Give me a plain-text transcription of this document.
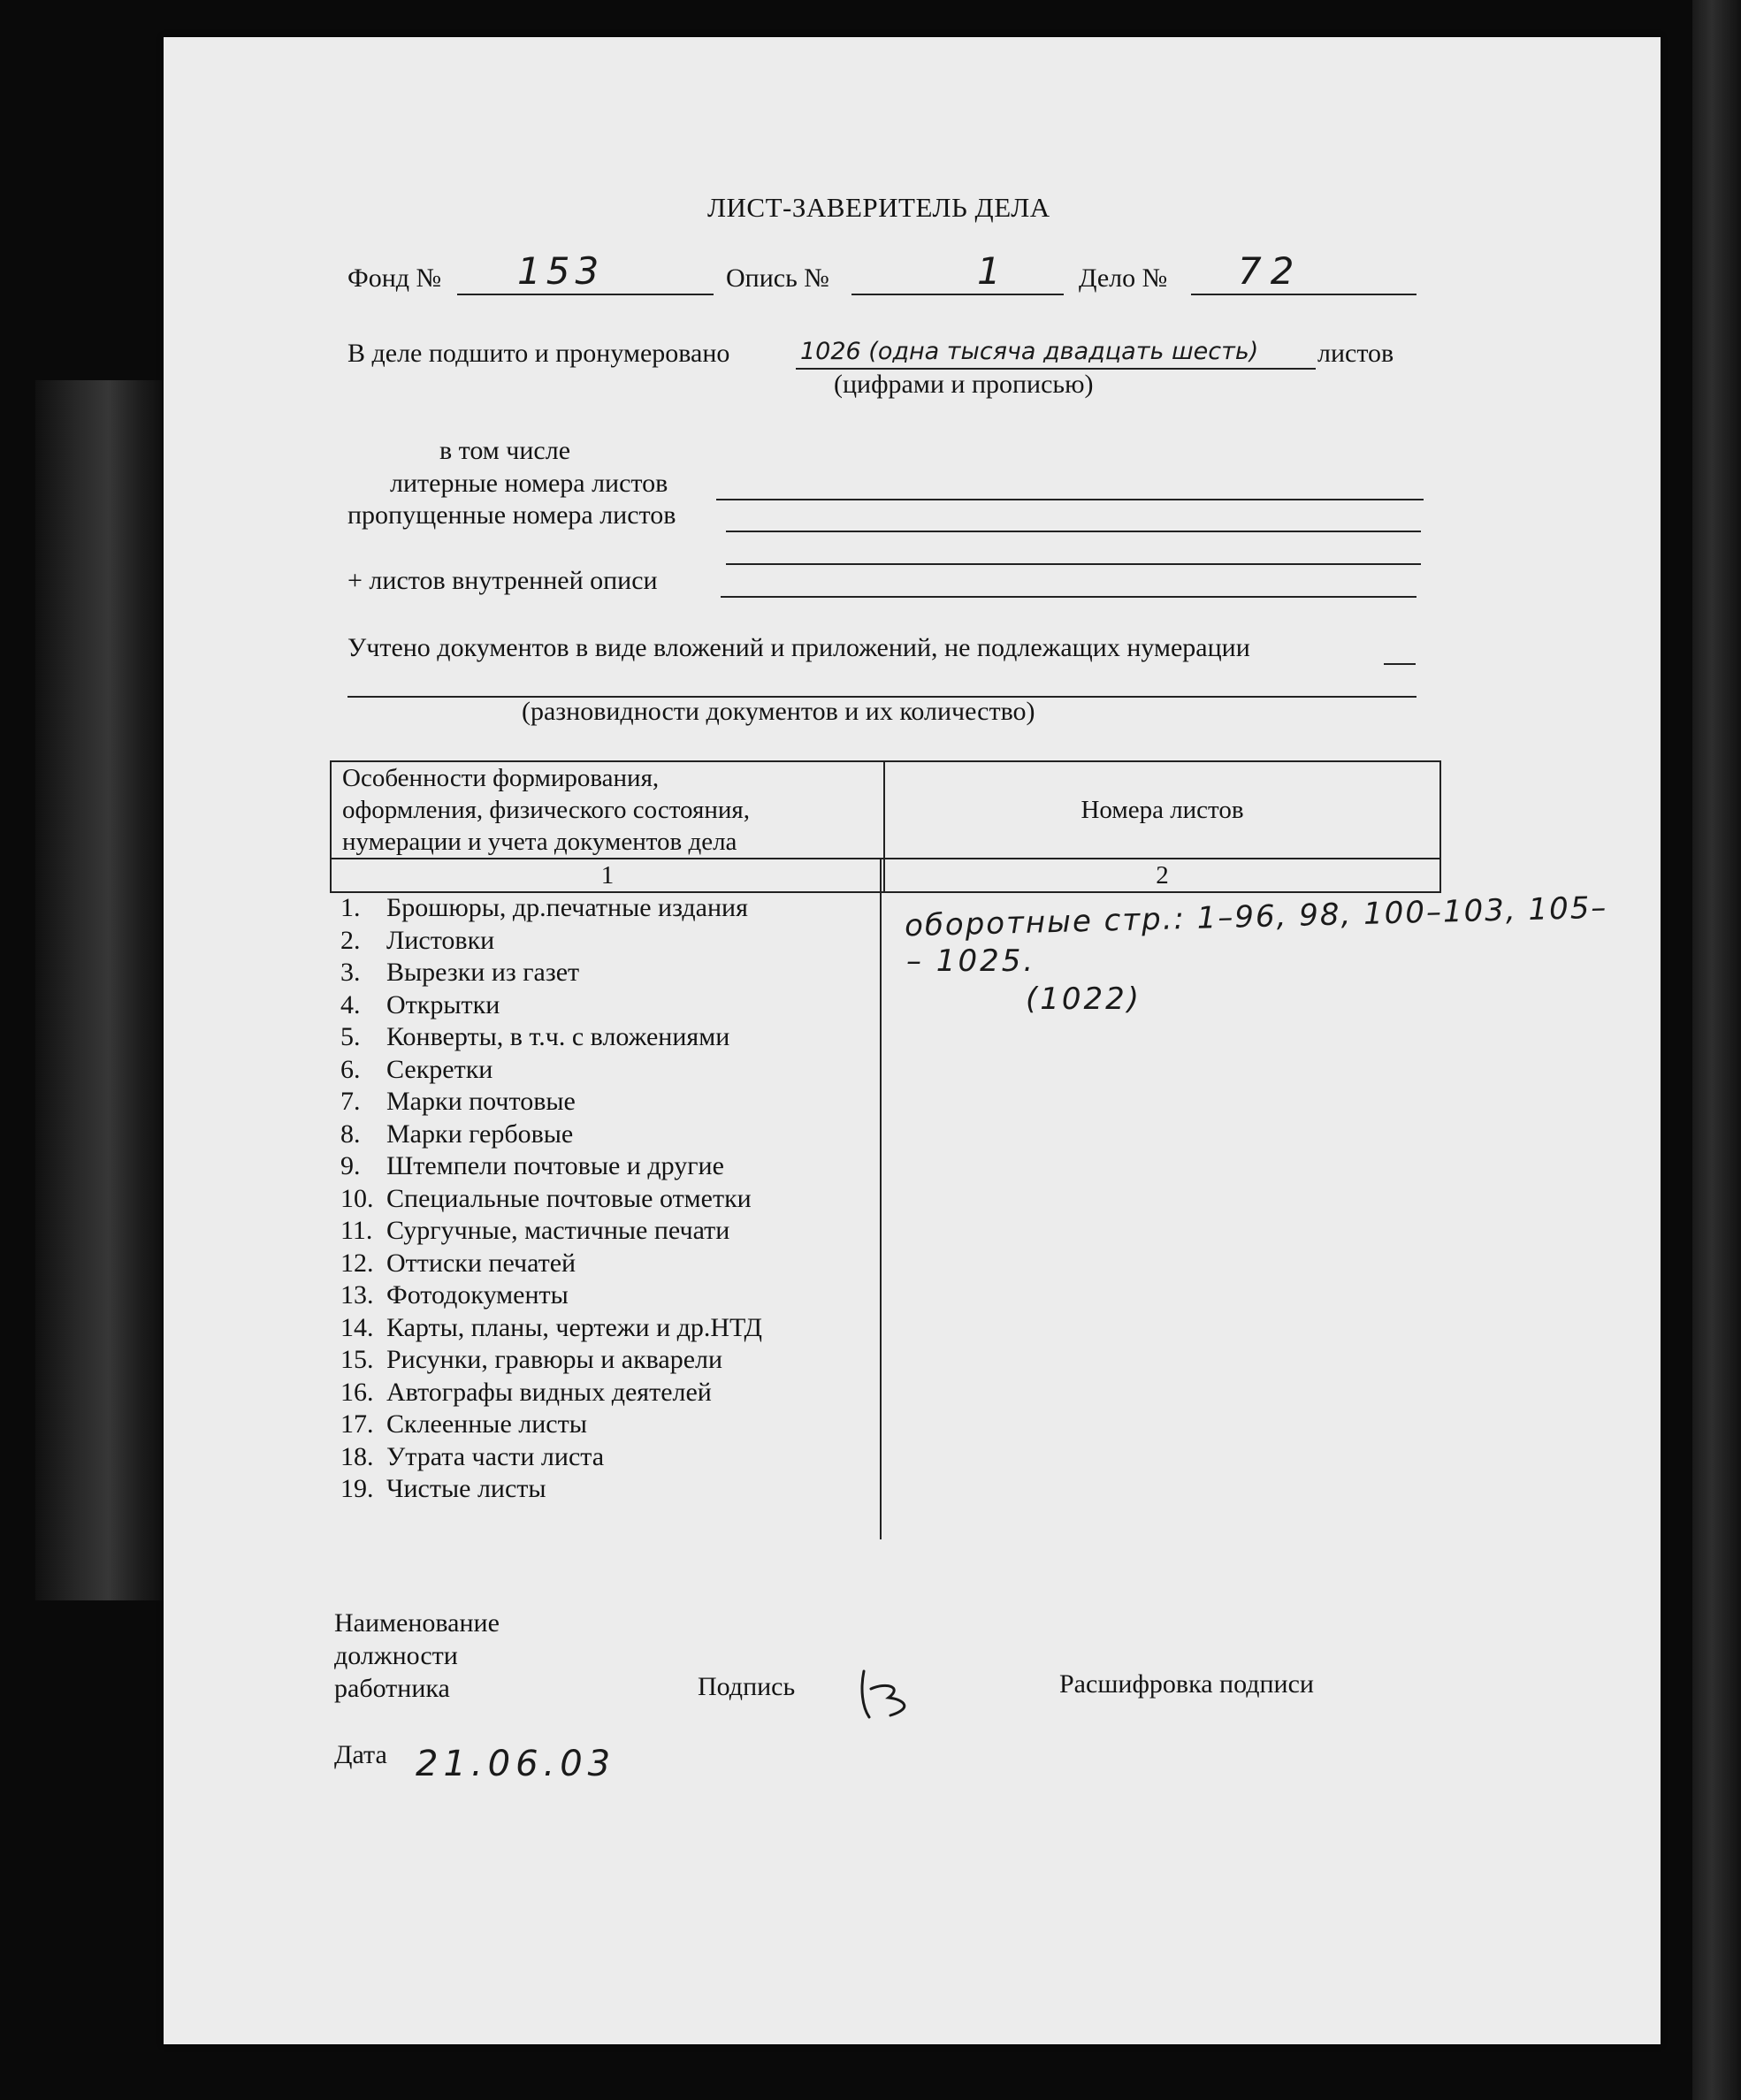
ЛИСТ-ЗАВЕРИТЕЛЬ ДЕЛА
Фонд № 153	Опись №	1	Дело № 72
В деле подшито и пронумеровано	1026 (одна тысяча двадцать шесть) листов
(цифрами и прописью)
в том числе
литерные номера листов
пропущенные номера листов
+ листов внутренней описи
Учтено документов в виде вложений и приложений, не подлежащих нумерации
(разновидности документов и их количество)
Особенности формирования,
оформления, физического состояния,
нумерации и учета документов дела	Номера листов
1	2
1. Брошюры, др.печатные издания
2. Листовки
3. Вырезки из газет
4. Открытки
5. Конверты, в т.ч. с вложениями
6. Секретки
7. Марки почтовые
8. Марки гербовые
9. Штемпели почтовые и другие
10. Специальные почтовые отметки
11. Сургучные, мастичные печати
12. Оттиски печатей
13. Фотодокументы
14. Карты, планы, чертежи и др.НТД
15. Рисунки, гравюры и акварели
16. Автографы видных деятелей
17. Склеенные листы
18. Утрата части листа
19. Чистые листы
оборотные стр.: 1–96, 98, 100–103, 105–
– 1025.
(1022)
Наименование
должности
работника	Подпись	Расшифровка подписи
Дата 21.06.03
